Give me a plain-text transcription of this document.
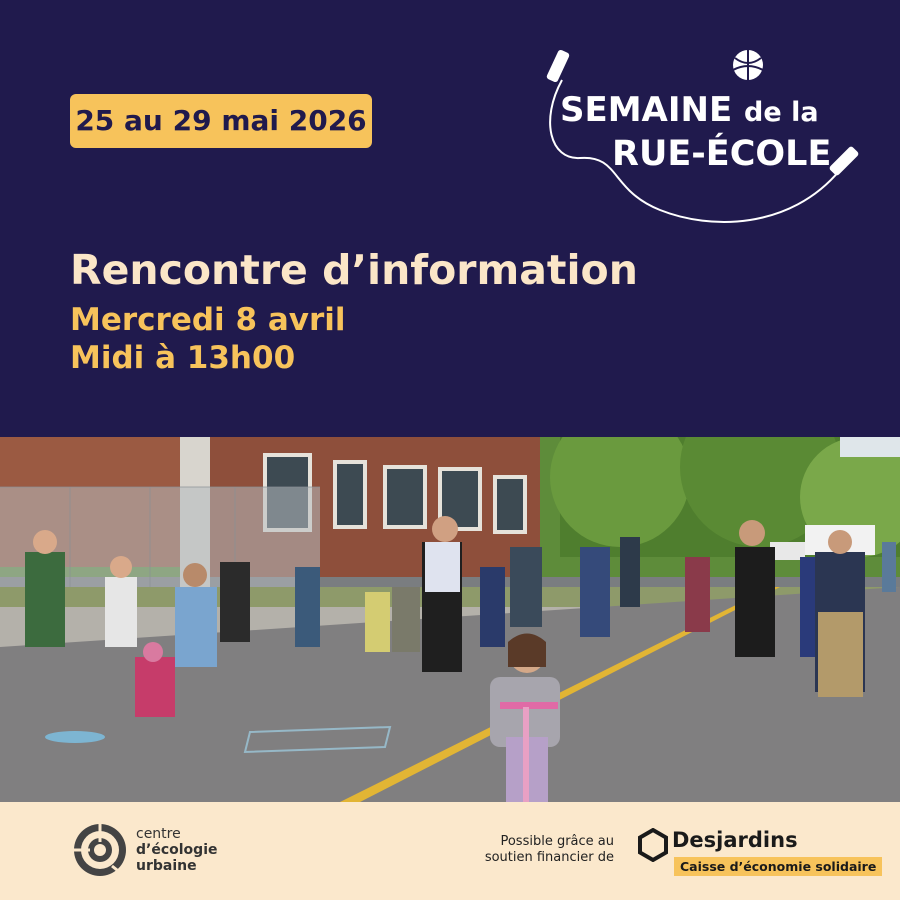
25 au 29 mai 2026	SEMAINE de la
RUE-ÉCOLE
Rencontre d’information
Mercredi 8 avril
Midi à 13h00
centre
d’écologie
urbaine
Possible grâce au
soutien financier de
Desjardins
Caisse d’économie solidaire
